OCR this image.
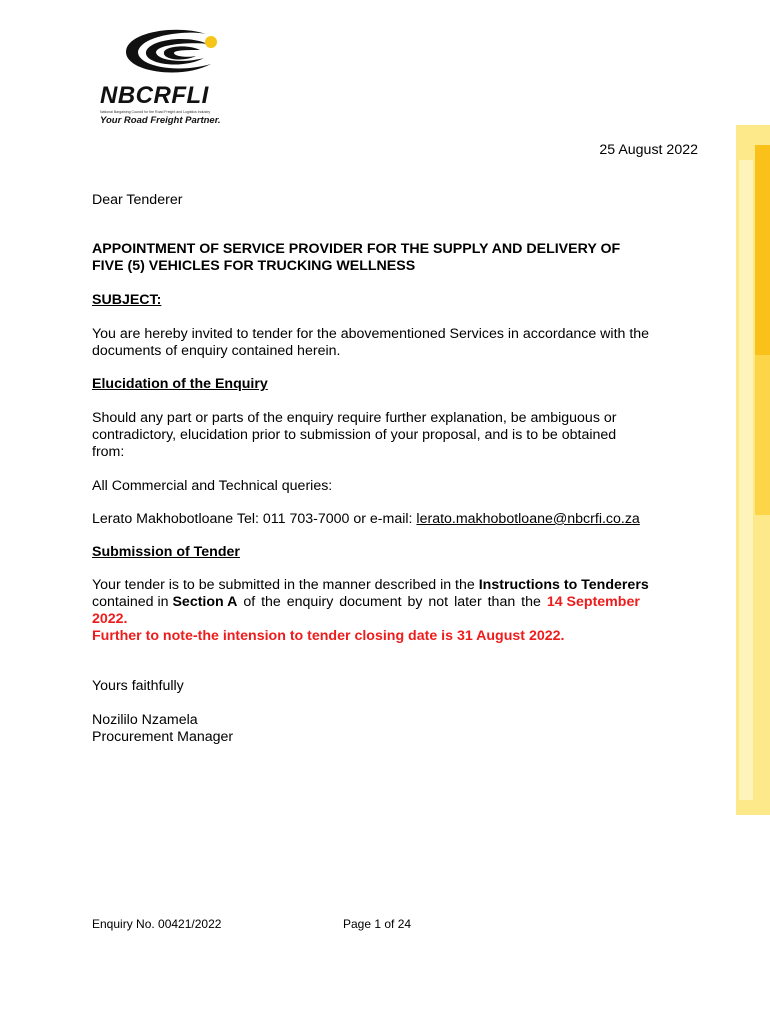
NBCRFLI
National Bargaining Council for the Road Freight and Logistics Industry
Your Road Freight Partner.
25 August 2022
Dear Tenderer
APPOINTMENT OF SERVICE PROVIDER FOR THE SUPPLY AND DELIVERY OF
FIVE (5) VEHICLES FOR TRUCKING WELLNESS
SUBJECT:
You are hereby invited to tender for the abovementioned Services in accordance with the
documents of enquiry contained herein.
Elucidation of the Enquiry
Should any part or parts of the enquiry require further explanation, be ambiguous or
contradictory, elucidation prior to submission of your proposal, and is to be obtained
from:
All Commercial and Technical queries:
Lerato Makhobotloane Tel: 011 703-7000 or e-mail: lerato.makhobotloane@nbcrfi.co.za
Submission of Tender
Your tender is to be submitted in the manner described in the Instructions to Tenderers
contained in Section A of the enquiry document by not later than the 14 September
2022.
Further to note-the intension to tender closing date is 31 August 2022.
Yours faithfully
Nozililo Nzamela
Procurement Manager
Enquiry No. 00421/2022	Page 1 of 24
